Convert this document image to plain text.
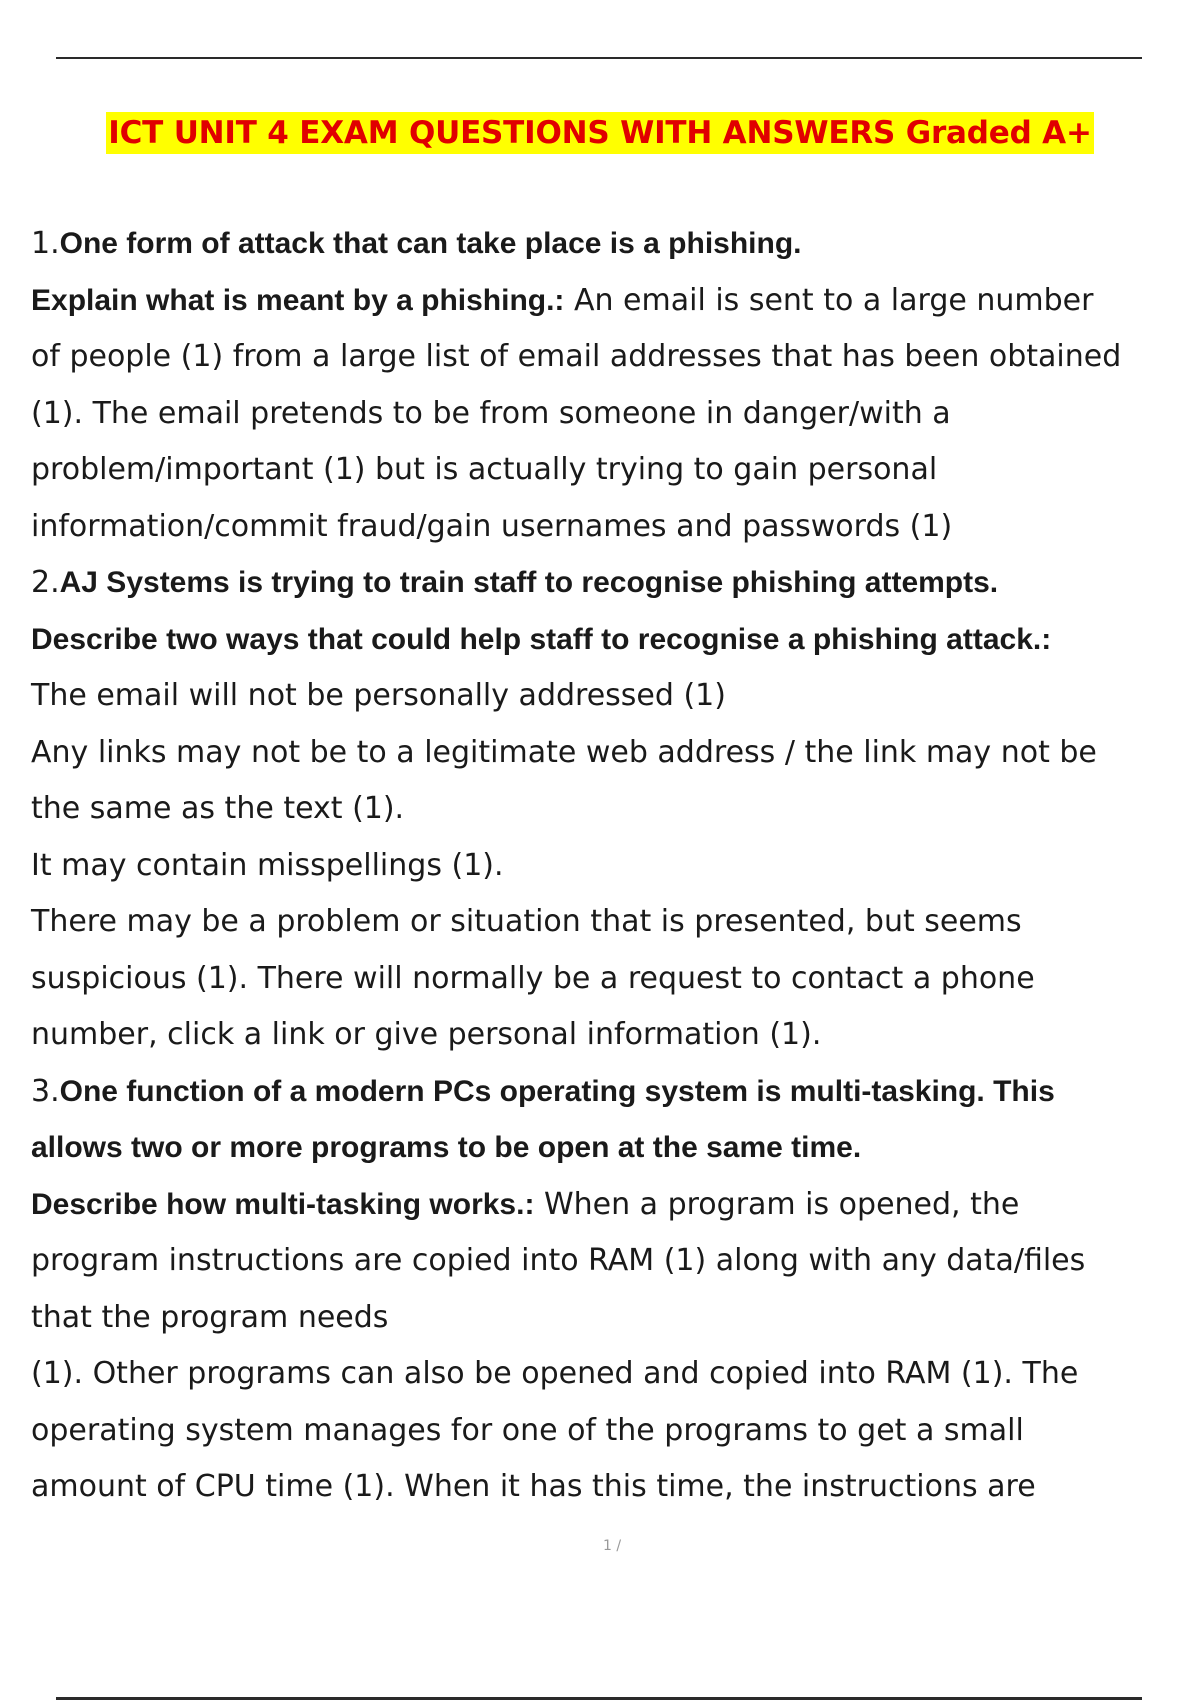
ICT UNIT 4 EXAM QUESTIONS WITH ANSWERS Graded A+
1.One form of attack that can take place is a phishing.
Explain what is meant by a phishing.: An email is sent to a large number
of people (1) from a large list of email addresses that has been obtained
(1). The email pretends to be from someone in danger/with a
problem/important (1) but is actually trying to gain personal
information/commit fraud/gain usernames and passwords (1)
2.AJ Systems is trying to train staff to recognise phishing attempts.
Describe two ways that could help staff to recognise a phishing attack.:
The email will not be personally addressed (1)
Any links may not be to a legitimate web address / the link may not be
the same as the text (1).
It may contain misspellings (1).
There may be a problem or situation that is presented, but seems
suspicious (1). There will normally be a request to contact a phone
number, click a link or give personal information (1).
3.One function of a modern PCs operating system is multi-tasking. This
allows two or more programs to be open at the same time.
Describe how multi-tasking works.: When a program is opened, the
program instructions are copied into RAM (1) along with any data/files
that the program needs
(1). Other programs can also be opened and copied into RAM (1). The
operating system manages for one of the programs to get a small
amount of CPU time (1). When it has this time, the instructions are
1 /
